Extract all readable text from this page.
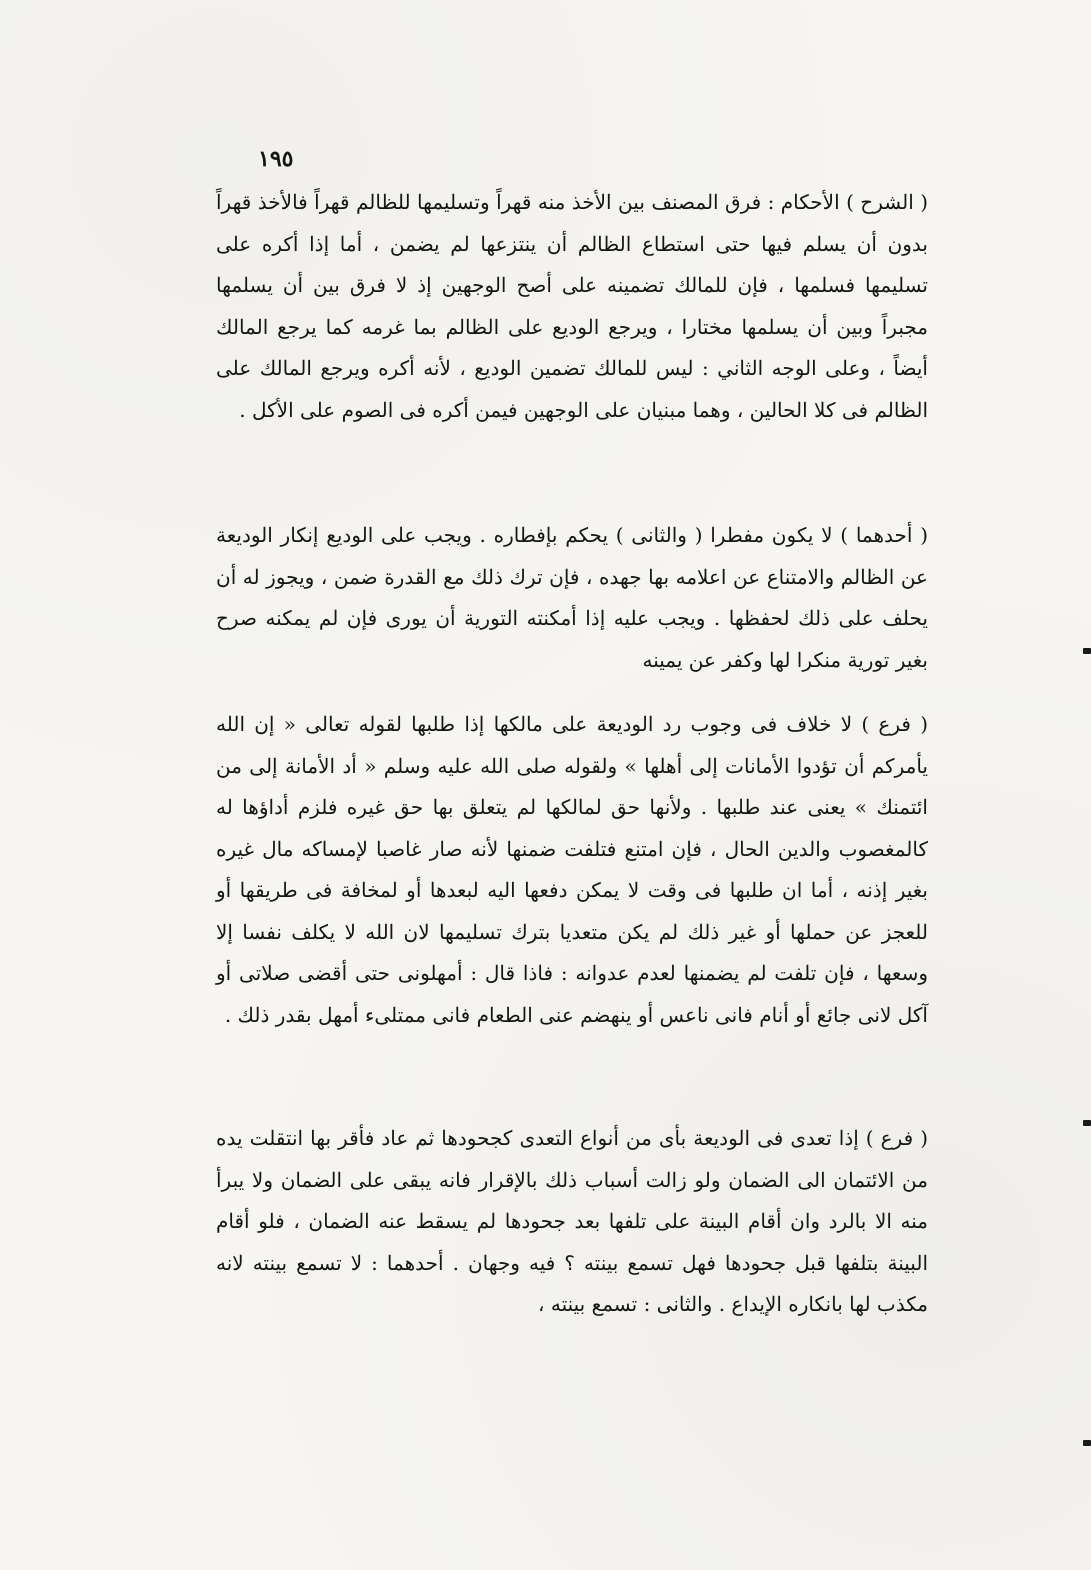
١٩٥

( الشرح ) الأحكام : فرق المصنف بين الأخذ منه قهراً وتسليمها للظالم قهراً فالأخذ قهراً بدون أن يسلم فيها حتى استطاع الظالم أن ينتزعها لم يضمن ، أما إذا أكره على تسليمها فسلمها ، فإن للمالك تضمينه على أصح الوجهين إذ لا فرق بين أن يسلمها مجبراً وبين أن يسلمها مختارا ، ويرجع الوديع على الظالم بما غرمه كما يرجع المالك أيضاً ، وعلى الوجه الثاني : ليس للمالك تضمين الوديع ، لأنه أكره ويرجع المالك على الظالم فى كلا الحالين ، وهما مبنيان على الوجهين فيمن أكره فى الصوم على الأكل .

( أحدهما ) لا يكون مفطرا ( والثانى ) يحكم بإفطاره . ويجب على الوديع إنكار الوديعة عن الظالم والامتناع عن اعلامه بها جهده ، فإن ترك ذلك مع القدرة ضمن ، ويجوز له أن يحلف على ذلك لحفظها . ويجب عليه إذا أمكنته التورية أن يورى فإن لم يمكنه صرح بغير تورية منكرا لها وكفر عن يمينه

( فرع ) لا خلاف فى وجوب رد الوديعة على مالكها إذا طلبها لقوله تعالى « إن الله يأمركم أن تؤدوا الأمانات إلى أهلها » ولقوله صلى الله عليه وسلم « أد الأمانة إلى من ائتمنك » يعنى عند طلبها . ولأنها حق لمالكها لم يتعلق بها حق غيره فلزم أداؤها له كالمغصوب والدين الحال ، فإن امتنع فتلفت ضمنها لأنه صار غاصبا لإمساكه مال غيره بغير إذنه ، أما ان طلبها فى وقت لا يمكن دفعها اليه لبعدها أو لمخافة فى طريقها أو للعجز عن حملها أو غير ذلك لم يكن متعديا بترك تسليمها لان الله لا يكلف نفسا إلا وسعها ، فإن تلفت لم يضمنها لعدم عدوانه : فاذا قال : أمهلونى حتى أقضى صلاتى أو آكل لانى جائع أو أنام فانى ناعس أو ينهضم عنى الطعام فانى ممتلىء أمهل بقدر ذلك .

( فرع ) إذا تعدى فى الوديعة بأى من أنواع التعدى كجحودها ثم عاد فأقر بها انتقلت يده من الائتمان الى الضمان ولو زالت أسباب ذلك بالإقرار فانه يبقى على الضمان ولا يبرأ منه الا بالرد وان أقام البينة على تلفها بعد جحودها لم يسقط عنه الضمان ، فلو أقام البينة بتلفها قبل جحودها فهل تسمع بينته ؟ فيه وجهان . أحدهما : لا تسمع بينته لانه مكذب لها بانكاره الإيداع . والثانى : تسمع بينته ،
